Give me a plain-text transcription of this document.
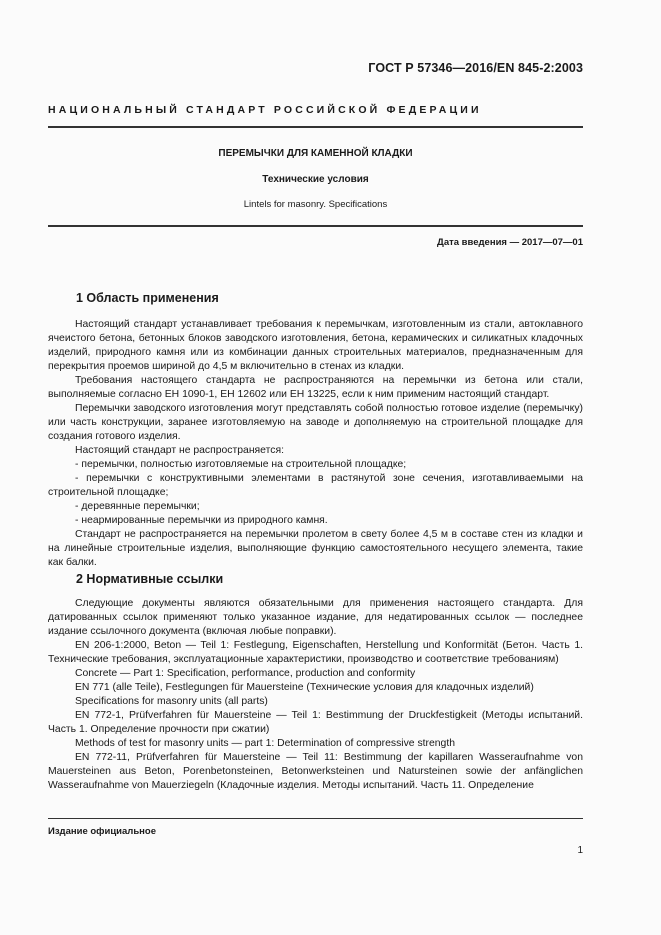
ГОСТ Р 57346—2016/EN 845-2:2003
НАЦИОНАЛЬНЫЙ СТАНДАРТ РОССИЙСКОЙ ФЕДЕРАЦИИ
ПЕРЕМЫЧКИ ДЛЯ КАМЕННОЙ КЛАДКИ
Технические условия
Lintels for masonry. Specifications
Дата введения — 2017—07—01
1 Область применения

Настоящий стандарт устанавливает требования к перемычкам, изготовленным из стали, автоклавного ячеистого бетона, бетонных блоков заводского изготовления, бетона, керамических и силикатных кладочных изделий, природного камня или из комбинации данных строительных материалов, предназначенным для перекрытия проемов шириной до 4,5 м включительно в стенах из кладки.

Требования настоящего стандарта не распространяются на перемычки из бетона или стали, выполняемые согласно ЕН 1090-1, ЕН 12602 или ЕН 13225, если к ним применим настоящий стандарт.

Перемычки заводского изготовления могут представлять собой полностью готовое изделие (перемычку) или часть конструкции, заранее изготовляемую на заводе и дополняемую на строительной площадке для создания готового изделия.

Настоящий стандарт не распространяется:

- перемычки, полностью изготовляемые на строительной площадке;

- перемычки с конструктивными элементами в растянутой зоне сечения, изготавливаемыми на строительной площадке;

- деревянные перемычки;

- неармированные перемычки из природного камня.

Стандарт не распространяется на перемычки пролетом в свету более 4,5 м в составе стен из кладки и на линейные строительные изделия, выполняющие функцию самостоятельного несущего элемента, такие как балки.

2 Нормативные ссылки

Следующие документы являются обязательными для применения настоящего стандарта. Для датированных ссылок применяют только указанное издание, для недатированных ссылок — последнее издание ссылочного документа (включая любые поправки).

EN 206-1:2000, Beton — Teil 1: Festlegung, Eigenschaften, Herstellung und Konformität (Бетон. Часть 1. Технические требования, эксплуатационные характеристики, производство и соответствие требованиям)

Concrete — Part 1: Specification, performance, production and conformity

EN 771 (alle Teile), Festlegungen für Mauersteine (Технические условия для кладочных изделий)

Specifications for masonry units (all parts)

EN 772-1, Prüfverfahren für Mauersteine — Teil 1: Bestimmung der Druckfestigkeit (Методы испытаний. Часть 1. Определение прочности при сжатии)

Methods of test for masonry units — part 1: Determination of compressive strength

EN 772-11, Prüfverfahren für Mauersteine — Teil 11: Bestimmung der kapillaren Wasseraufnahme von Mauersteinen aus Beton, Porenbetonsteinen, Betonwerksteinen und Natursteinen sowie der anfänglichen Wasseraufnahme von Mauerziegeln (Кладочные изделия. Методы испытаний. Часть 11. Определение

Издание официальное
1
